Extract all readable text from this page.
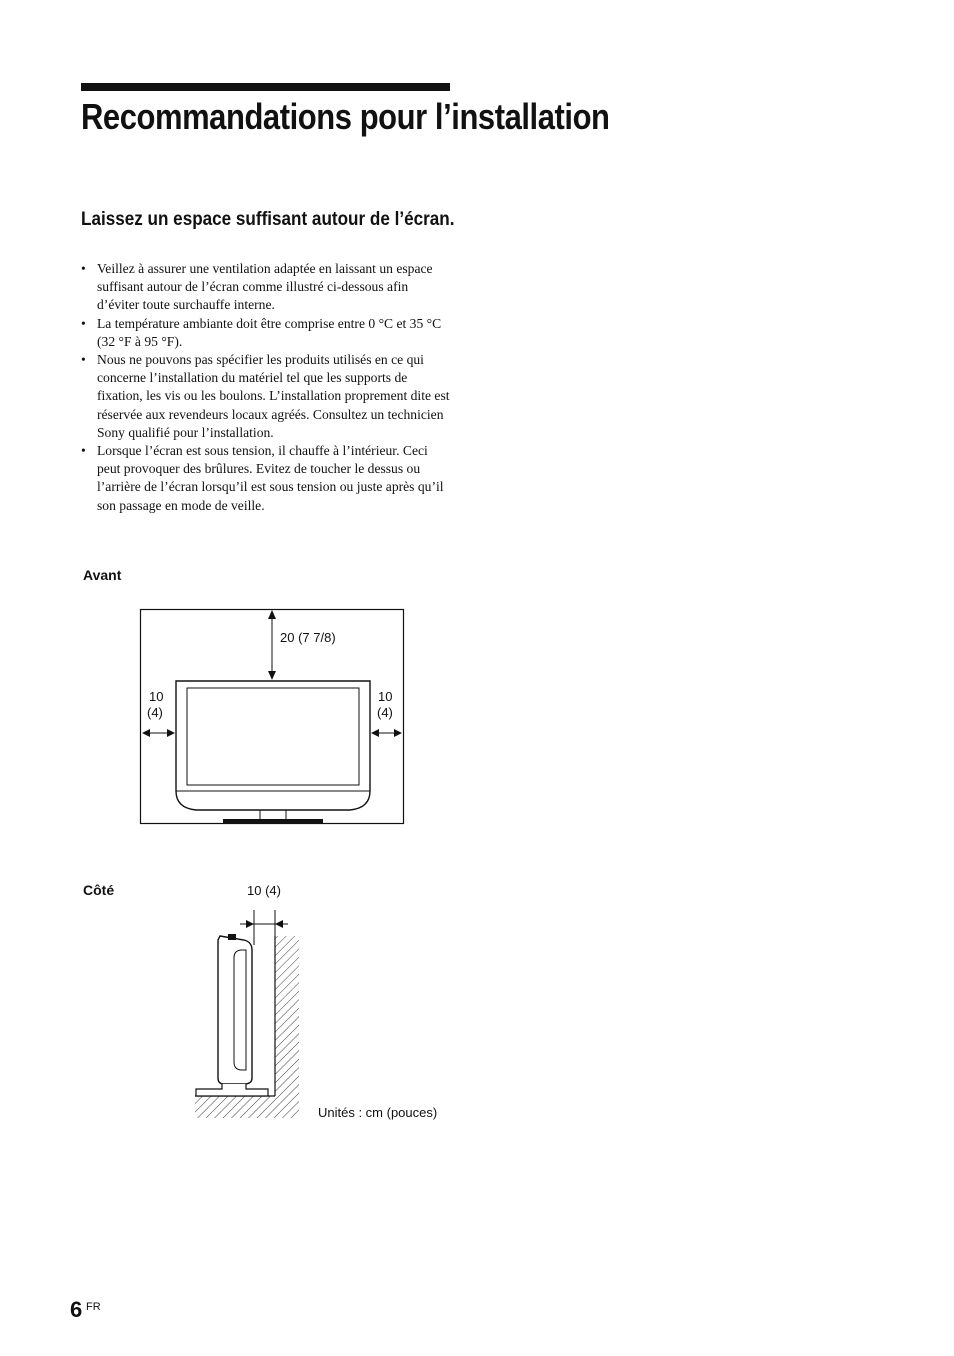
Recommandations pour l’installation
Laissez un espace suffisant autour de l’écran.
• Veillez à assurer une ventilation adaptée en laissant un espace suffisant autour de l’écran comme illustré ci-dessous afin d’éviter toute surchauffe interne.
• La température ambiante doit être comprise entre 0 °C et 35 °C (32 °F à 95 °F).
• Nous ne pouvons pas spécifier les produits utilisés en ce qui concerne l’installation du matériel tel que les supports de fixation, les vis ou les boulons. L’installation proprement dite est réservée aux revendeurs locaux agréés. Consultez un technicien Sony qualifié pour l’installation.
• Lorsque l’écran est sous tension, il chauffe à l’intérieur. Ceci peut provoquer des brûlures. Evitez de toucher le dessus ou l’arrière de l’écran lorsqu’il est sous tension ou juste après qu’il son passage en mode de veille.
Avant
20 (7 7/8)
10
(4)
10
(4)
Côté	10 (4)
Unités : cm (pouces)
6 FR
